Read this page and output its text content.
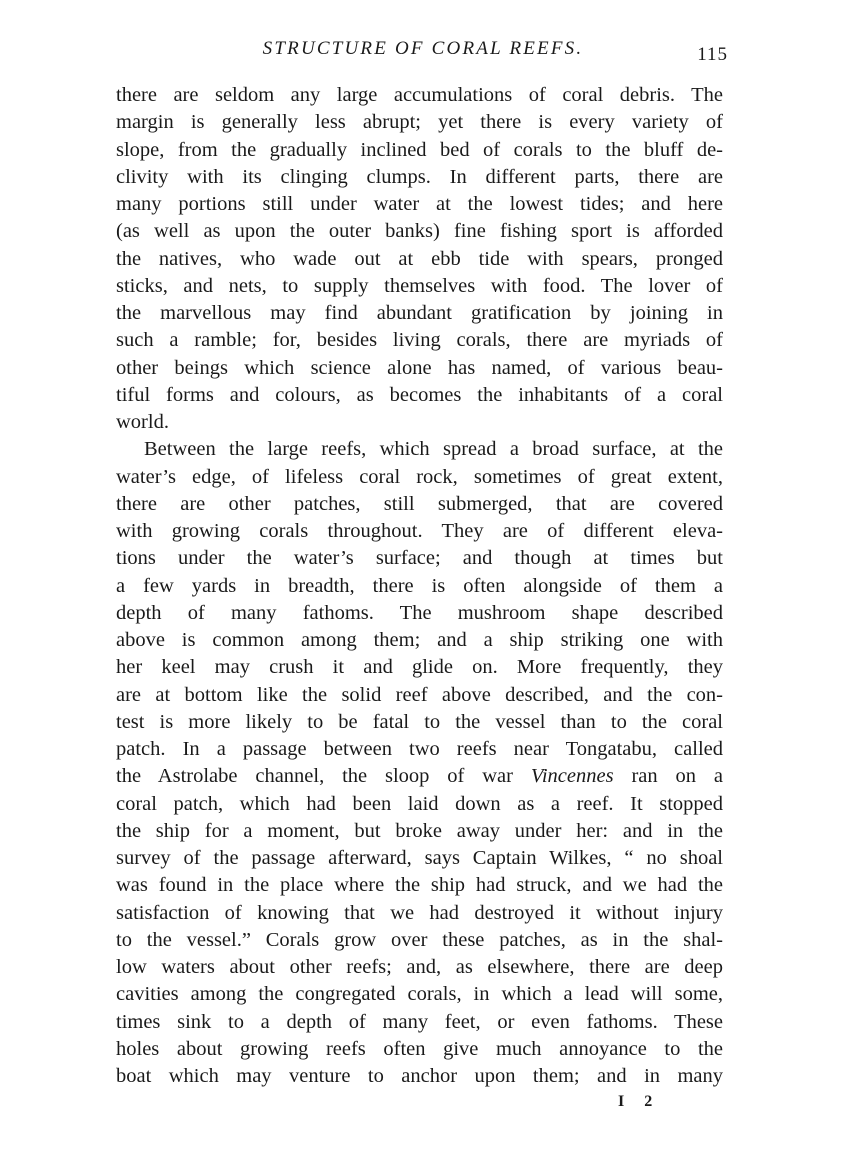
STRUCTURE OF CORAL REEFS.	115
there are seldom any large accumulations of coral debris. The
margin is generally less abrupt; yet there is every variety of
slope, from the gradually inclined bed of corals to the bluff de-
clivity with its clinging clumps. In different parts, there are
many portions still under water at the lowest tides; and here
(as well as upon the outer banks) fine fishing sport is afforded
the natives, who wade out at ebb tide with spears, pronged
sticks, and nets, to supply themselves with food. The lover of
the marvellous may find abundant gratification by joining in
such a ramble; for, besides living corals, there are myriads of
other beings which science alone has named, of various beau-
tiful forms and colours, as becomes the inhabitants of a coral
world.
Between the large reefs, which spread a broad surface, at the
water’s edge, of lifeless coral rock, sometimes of great extent,
there are other patches, still submerged, that are covered
with growing corals throughout. They are of different eleva-
tions under the water’s surface; and though at times but
a few yards in breadth, there is often alongside of them a
depth of many fathoms. The mushroom shape described
above is common among them; and a ship striking one with
her keel may crush it and glide on. More frequently, they
are at bottom like the solid reef above described, and the con-
test is more likely to be fatal to the vessel than to the coral
patch. In a passage between two reefs near Tongatabu, called
the Astrolabe channel, the sloop of war Vincennes ran on a
coral patch, which had been laid down as a reef. It stopped
the ship for a moment, but broke away under her: and in the
survey of the passage afterward, says Captain Wilkes, “ no shoal
was found in the place where the ship had struck, and we had the
satisfaction of knowing that we had destroyed it without injury
to the vessel.” Corals grow over these patches, as in the shal-
low waters about other reefs; and, as elsewhere, there are deep
cavities among the congregated corals, in which a lead will some,
times sink to a depth of many feet, or even fathoms. These
holes about growing reefs often give much annoyance to the
boat which may venture to anchor upon them; and in many
I 2
